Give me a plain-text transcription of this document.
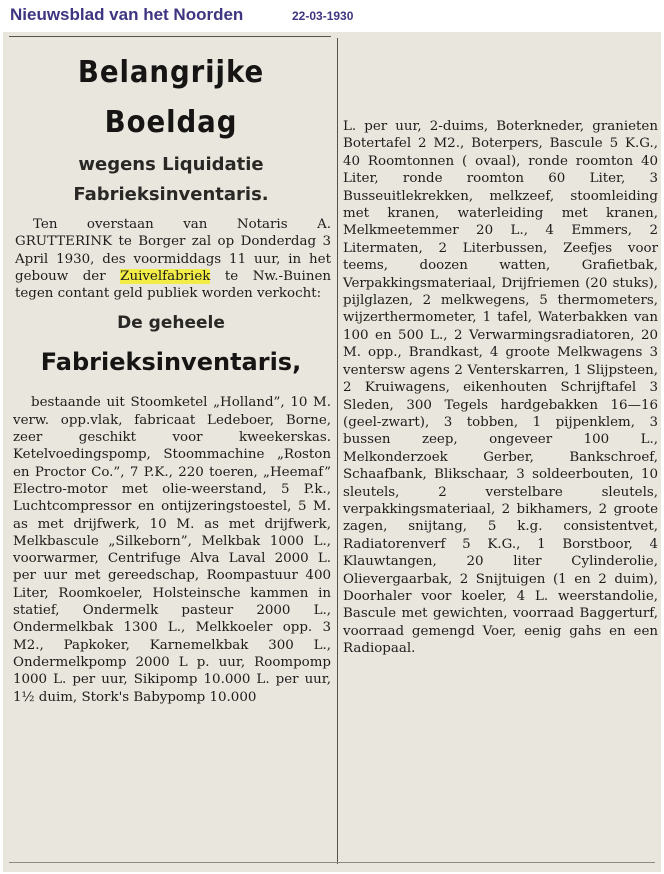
Nieuwsblad van het Noorden	22-03-1930
Belangrijke Boeldag
wegens Liquidatie
Fabrieksinventaris.
Ten overstaan van Notaris A. GRUTTERINK te Borger zal op Donderdag 3 April 1930, des voormiddags 11 uur, in het gebouw der Zuivelfabriek te Nw.-Buinen tegen contant geld publiek worden verkocht:
De geheele
Fabrieksinventaris,
bestaande uit Stoomketel „Holland”, 10 M. verw. opp.vlak, fabricaat Ledeboer, Borne, zeer geschikt voor kweekerskas. Ketelvoedingspomp, Stoommachine „Roston en Proctor Co.”, 7 P.K., 220 toeren, „Heemaf” Electro-motor met olie-weerstand, 5 P.k., Luchtcompressor en ontijzeringstoestel, 5 M. as met drijfwerk, 10 M. as met drijfwerk, Melkbascule „Silkeborn”, Melkbak 1000 L., voorwarmer, Centrifuge Alva Laval 2000 L. per uur met gereedschap, Roompastuur 400 Liter, Roomkoeler, Holsteinsche kammen in statief, Ondermelk pasteur 2000 L., Ondermelkbak 1300 L., Melkkoeler opp. 3 M2., Papkoker, Karnemelkbak 300 L., Ondermelkpomp 2000 L p. uur, Roompomp 1000 L. per uur, Sikipomp 10.000 L. per uur, 1½ duim, Stork's Babypomp 10.000
L. per uur, 2-duims, Boterkneder, granieten Botertafel 2 M2., Boterpers, Bascule 5 K.G., 40 Roomtonnen ( ovaal), ronde roomton 40 Liter, ronde roomton 60 Liter, 3 Busseuitlekrekken, melkzeef, stoomleiding met kranen, waterleiding met kranen, Melkmeetemmer 20 L., 4 Emmers, 2 Litermaten, 2 Literbussen, Zeefjes voor teems, doozen watten, Grafietbak, Verpakkingsmateriaal, Drijfriemen (20 stuks), pijlglazen, 2 melkwegens, 5 thermometers, wijzerthermometer, 1 tafel, Waterbakken van 100 en 500 L., 2 Verwarmingsradiatoren, 20 M. opp., Brandkast, 4 groote Melkwagens 3 ventersw agens 2 Venterskarren, 1 Slijpsteen, 2 Kruiwagens, eikenhouten Schrijftafel 3 Sleden, 300 Tegels hardgebakken 16—16 (geel-zwart), 3 tobben, 1 pijpenklem, 3 bussen zeep, ongeveer 100 L., Melkonderzoek Gerber, Bankschroef, Schaafbank, Blikschaar, 3 soldeerbouten, 10 sleutels, 2 verstelbare sleutels, verpakkingsmateriaal, 2 bikhamers, 2 groote zagen, snijtang, 5 k.g. consistentvet, Radiatorenverf 5 K.G., 1 Borstboor, 4 Klauwtangen, 20 liter Cylinderolie, Olievergaarbak, 2 Snijtuigen (1 en 2 duim), Doorhaler voor koeler, 4 L. weerstandolie, Bascule met gewichten, voorraad Baggerturf, voorraad gemengd Voer, eenig gahs en een Radiopaal.
